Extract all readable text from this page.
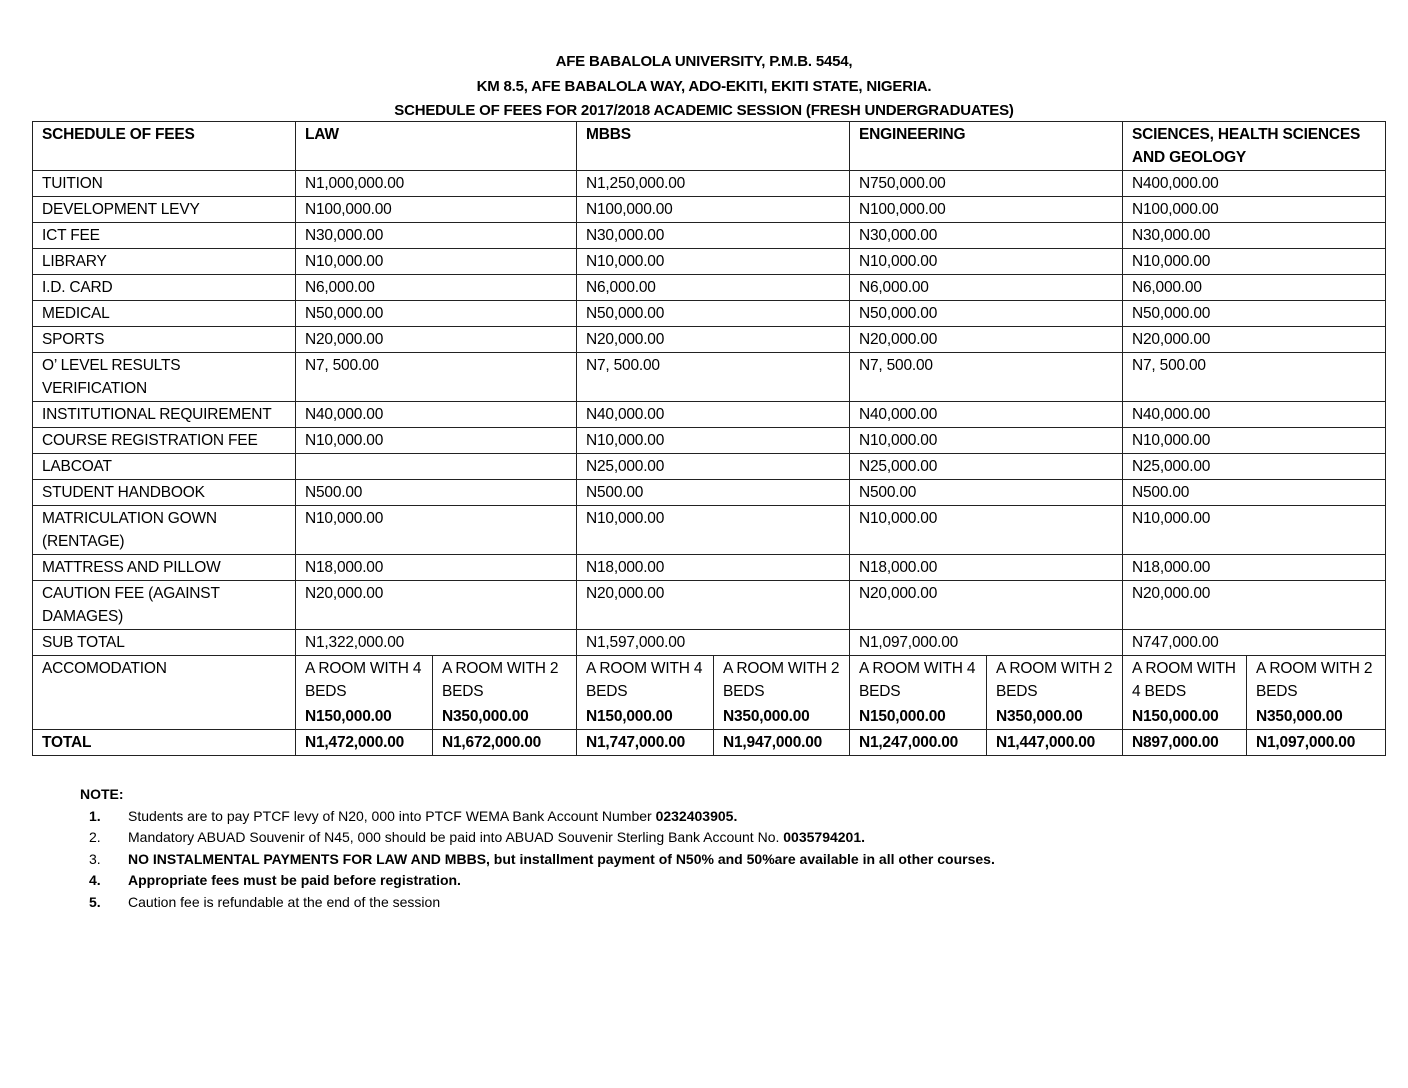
AFE BABALOLA UNIVERSITY, P.M.B. 5454,
KM 8.5, AFE BABALOLA WAY, ADO-EKITI, EKITI STATE, NIGERIA.
SCHEDULE OF FEES FOR 2017/2018 ACADEMIC SESSION (FRESH UNDERGRADUATES)
SCHEDULE OF FEES	LAW		MBBS		ENGINEERING		SCIENCES, HEALTH SCIENCES AND GEOLOGY	
TUITION	N1,000,000.00		N1,250,000.00		N750,000.00		N400,000.00	
DEVELOPMENT LEVY	N100,000.00		N100,000.00		N100,000.00		N100,000.00	
ICT FEE	N30,000.00		N30,000.00		N30,000.00		N30,000.00	
LIBRARY	N10,000.00		N10,000.00		N10,000.00		N10,000.00	
I.D. CARD	N6,000.00		N6,000.00		N6,000.00		N6,000.00	
MEDICAL	N50,000.00		N50,000.00		N50,000.00		N50,000.00	
SPORTS	N20,000.00		N20,000.00		N20,000.00		N20,000.00	
O’ LEVEL RESULTS VERIFICATION	N7, 500.00		N7, 500.00		N7, 500.00		N7, 500.00	
INSTITUTIONAL REQUIREMENT	N40,000.00		N40,000.00		N40,000.00		N40,000.00	
COURSE REGISTRATION FEE	N10,000.00		N10,000.00		N10,000.00		N10,000.00	
LABCOAT			N25,000.00		N25,000.00		N25,000.00	
STUDENT HANDBOOK	N500.00		N500.00		N500.00		N500.00	
MATRICULATION GOWN (RENTAGE)	N10,000.00		N10,000.00		N10,000.00		N10,000.00	
MATTRESS AND PILLOW	N18,000.00		N18,000.00		N18,000.00		N18,000.00	
CAUTION FEE (AGAINST DAMAGES)	N20,000.00		N20,000.00		N20,000.00		N20,000.00	
SUB TOTAL	N1,322,000.00		N1,597,000.00		N1,097,000.00		N747,000.00	
ACCOMODATION	A ROOM WITH 4 BEDS	A ROOM WITH 2 BEDS	A ROOM WITH 4 BEDS	A ROOM WITH 2 BEDS	A ROOM WITH 4 BEDS	A ROOM WITH 2 BEDS	A ROOM WITH 4 BEDS	A ROOM WITH 2 BEDS
	N150,000.00	N350,000.00	N150,000.00	N350,000.00	N150,000.00	N350,000.00	N150,000.00	N350,000.00
TOTAL	N1,472,000.00	N1,672,000.00	N1,747,000.00	N1,947,000.00	N1,247,000.00	N1,447,000.00	N897,000.00	N1,097,000.00
NOTE:
1.	Students are to pay PTCF levy of N20, 000 into PTCF WEMA Bank Account Number 0232403905.
2.	Mandatory ABUAD Souvenir of N45, 000 should be paid into ABUAD Souvenir Sterling Bank Account No. 0035794201.
3.	NO INSTALMENTAL PAYMENTS FOR LAW AND MBBS, but installment payment of N50% and 50%are available in all other courses.
4.	Appropriate fees must be paid before registration.
5.	Caution fee is refundable at the end of the session
